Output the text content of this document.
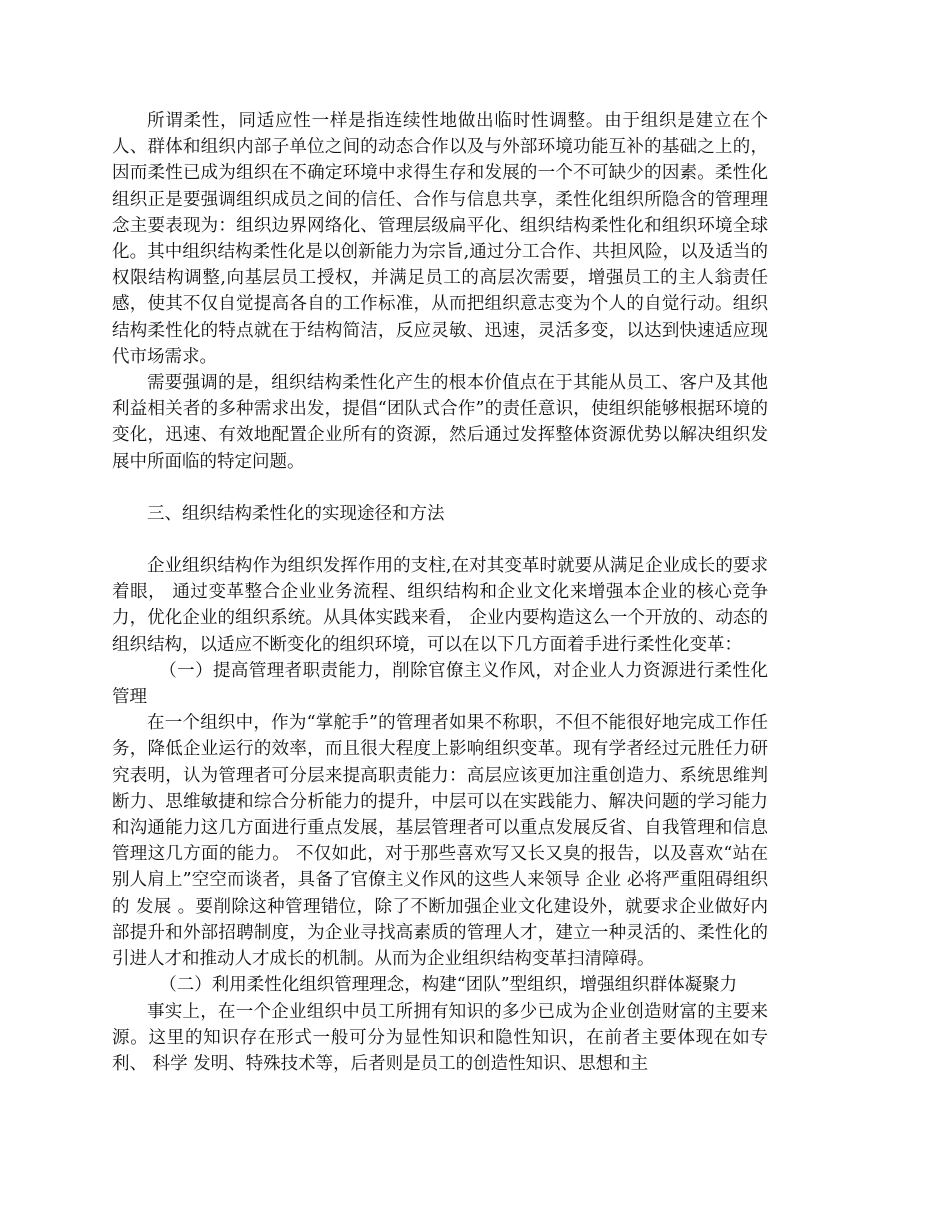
所谓柔性，同适应性一样是指连续性地做出临时性调整。由于组织是建立在个人、群体和组织内部子单位之间的动态合作以及与外部环境功能互补的基础之上的，因而柔性已成为组织在不确定环境中求得生存和发展的一个不可缺少的因素。柔性化组织正是要强调组织成员之间的信任、合作与信息共享，柔性化组织所隐含的管理理念主要表现为：组织边界网络化、管理层级扁平化、组织结构柔性化和组织环境全球化。其中组织结构柔性化是以创新能力为宗旨,通过分工合作、共担风险，以及适当的权限结构调整,向基层员工授权，并满足员工的高层次需要，增强员工的主人翁责任感，使其不仅自觉提高各自的工作标准，从而把组织意志变为个人的自觉行动。组织结构柔性化的特点就在于结构简洁，反应灵敏、迅速，灵活多变，以达到快速适应现代市场需求。

需要强调的是，组织结构柔性化产生的根本价值点在于其能从员工、客户及其他利益相关者的多种需求出发，提倡“团队式合作”的责任意识，使组织能够根据环境的变化，迅速、有效地配置企业所有的资源，然后通过发挥整体资源优势以解决组织发展中所面临的特定问题。

三、组织结构柔性化的实现途径和方法

企业组织结构作为组织发挥作用的支柱,在对其变革时就要从满足企业成长的要求着眼， 通过变革整合企业业务流程、组织结构和企业文化来增强本企业的核心竞争力，优化企业的组织系统。从具体实践来看， 企业内要构造这么一个开放的、动态的组织结构，以适应不断变化的组织环境，可以在以下几方面着手进行柔性化变革：

（一）提高管理者职责能力，削除官僚主义作风，对企业人力资源进行柔性化管理

在一个组织中，作为“掌舵手”的管理者如果不称职，不但不能很好地完成工作任务，降低企业运行的效率，而且很大程度上影响组织变革。现有学者经过元胜任力研究表明，认为管理者可分层来提高职责能力：高层应该更加注重创造力、系统思维判断力、思维敏捷和综合分析能力的提升，中层可以在实践能力、解决问题的学习能力和沟通能力这几方面进行重点发展，基层管理者可以重点发展反省、自我管理和信息管理这几方面的能力。 不仅如此，对于那些喜欢写又长又臭的报告，以及喜欢“站在别人肩上”空空而谈者，具备了官僚主义作风的这些人来领导 企业 必将严重阻碍组织的 发展 。要削除这种管理错位，除了不断加强企业文化建设外，就要求企业做好内部提升和外部招聘制度，为企业寻找高素质的管理人才，建立一种灵活的、柔性化的引进人才和推动人才成长的机制。从而为企业组织结构变革扫清障碍。

（二）利用柔性化组织管理理念，构建“团队”型组织，增强组织群体凝聚力

事实上，在一个企业组织中员工所拥有知识的多少已成为企业创造财富的主要来源。这里的知识存在形式一般可分为显性知识和隐性知识，在前者主要体现在如专利、 科学 发明、特殊技术等，后者则是员工的创造性知识、思想和主
